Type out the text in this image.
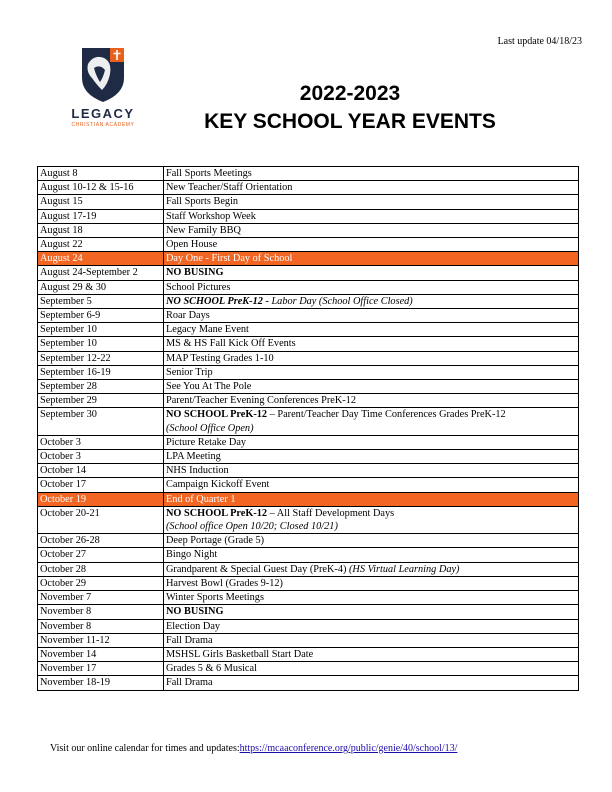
Last update 04/18/23
LEGACY
CHRISTIAN ACADEMY
2022-2023
KEY SCHOOL YEAR EVENTS
August 8	Fall Sports Meetings
August 10-12 & 15-16	New Teacher/Staff Orientation
August 15	Fall Sports Begin
August 17-19	Staff Workshop Week
August 18	New Family BBQ
August 22	Open House
August 24	Day One - First Day of School
August 24-September 2	NO BUSING
August 29 & 30	School Pictures
September 5	NO SCHOOL PreK-12 - Labor Day (School Office Closed)
September 6-9	Roar Days
September 10	Legacy Mane Event
September 10	MS & HS Fall Kick Off Events
September 12-22	MAP Testing Grades 1-10
September 16-19	Senior Trip
September 28	See You At The Pole
September 29	Parent/Teacher Evening Conferences PreK-12
September 30	NO SCHOOL PreK-12 – Parent/Teacher Day Time Conferences Grades PreK-12
(School Office Open)
October 3	Picture Retake Day
October 3	LPA Meeting
October 14	NHS Induction
October 17	Campaign Kickoff Event
October 19	End of Quarter 1
October 20-21	NO SCHOOL PreK-12 – All Staff Development Days
(School office Open 10/20; Closed 10/21)
October 26-28	Deep Portage (Grade 5)
October 27	Bingo Night
October 28	Grandparent & Special Guest Day (PreK-4) (HS Virtual Learning Day)
October 29	Harvest Bowl (Grades 9-12)
November 7	Winter Sports Meetings
November 8	NO BUSING
November 8	Election Day
November 11-12	Fall Drama
November 14	MSHSL Girls Basketball Start Date
November 17	Grades 5 & 6 Musical
November 18-19	Fall Drama
Visit our online calendar for times and updates:https://mcaaconference.org/public/genie/40/school/13/
